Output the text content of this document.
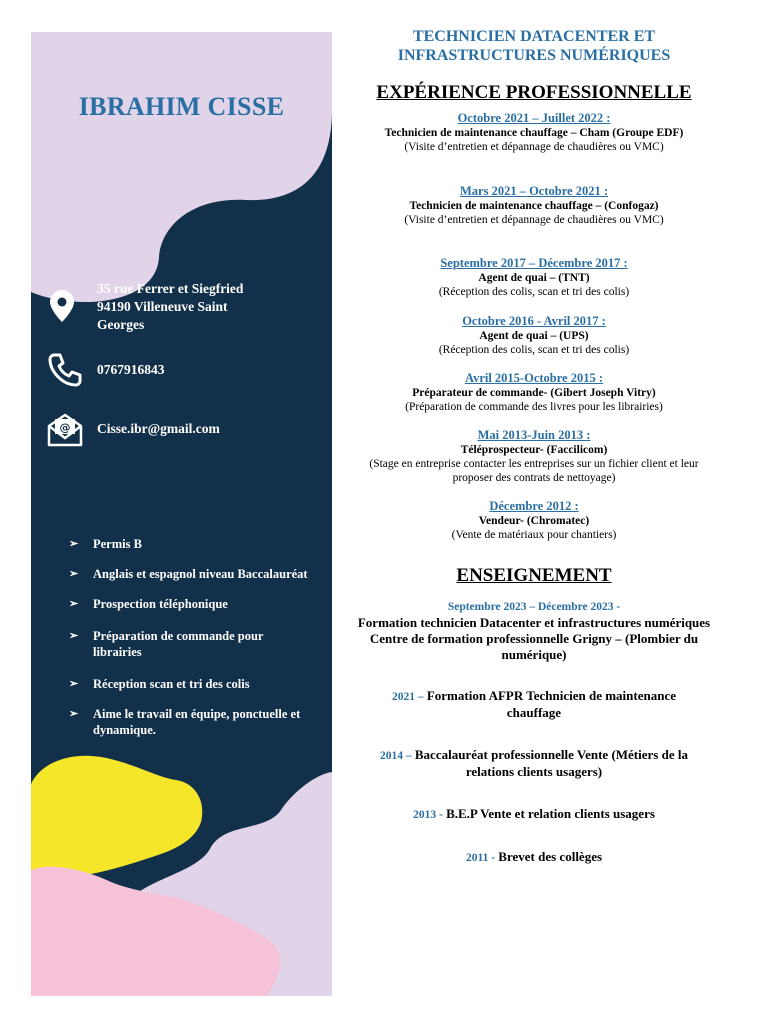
IBRAHIM CISSE
35 rue Ferrer et Siegfried 94190 Villeneuve Saint Georges
0767916843
@ Cisse.ibr@gmail.com
➢ Permis B
➢ Anglais et espagnol niveau Baccalauréat
➢ Prospection téléphonique
➢ Préparation de commande pour librairies
➢ Réception scan et tri des colis
➢ Aime le travail en équipe, ponctuelle et dynamique.
TECHNICIEN DATACENTER ET INFRASTRUCTURES NUMÉRIQUES
EXPÉRIENCE PROFESSIONNELLE
Octobre 2021 – Juillet 2022 :
Technicien de maintenance chauffage – Cham (Groupe EDF)
(Visite d’entretien et dépannage de chaudières ou VMC)
Mars 2021 – Octobre 2021 :
Technicien de maintenance chauffage – (Confogaz)
(Visite d’entretien et dépannage de chaudières ou VMC)
Septembre 2017 – Décembre 2017 :
Agent de quai – (TNT)
(Réception des colis, scan et tri des colis)
Octobre 2016 - Avril 2017 :
Agent de quai – (UPS)
(Réception des colis, scan et tri des colis)
Avril 2015-Octobre 2015 :
Préparateur de commande- (Gibert Joseph Vitry)
(Préparation de commande des livres pour les librairies)
Mai 2013-Juin 2013 :
Téléprospecteur- (Faccilicom)
(Stage en entreprise contacter les entreprises sur un fichier client et leur proposer des contrats de nettoyage)
Décembre 2012 :
Vendeur- (Chromatec)
(Vente de matériaux pour chantiers)
ENSEIGNEMENT
Septembre 2023 – Décembre 2023 -
Formation technicien Datacenter et infrastructures numériques Centre de formation professionnelle Grigny – (Plombier du numérique)
2021 – Formation AFPR Technicien de maintenance chauffage
2014 – Baccalauréat professionnelle Vente (Métiers de la relations clients usagers)
2013 - B.E.P Vente et relation clients usagers
2011 - Brevet des collèges
